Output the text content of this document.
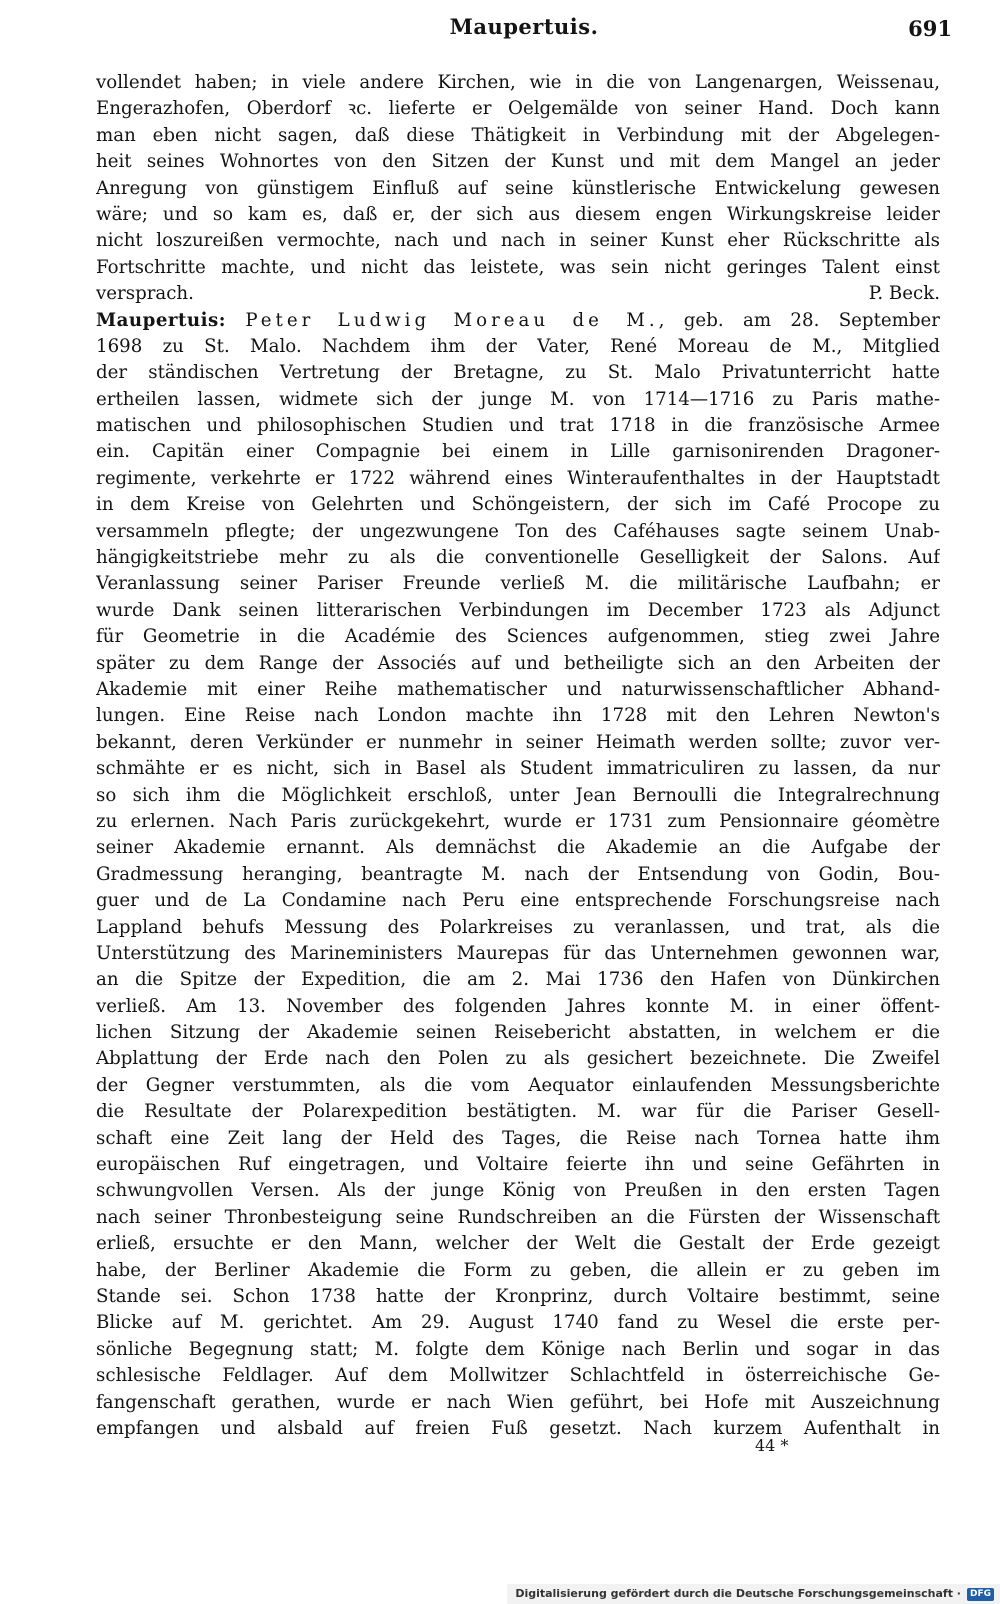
Maupertuis.	691
vollendet haben; in viele andere Kirchen, wie in die von Langenargen, Weissenau,
Engerazhofen, Oberdorf ꝛc. lieferte er Oelgemälde von seiner Hand. Doch kann
man eben nicht sagen, daß diese Thätigkeit in Verbindung mit der Abgelegen-
heit seines Wohnortes von den Sitzen der Kunst und mit dem Mangel an jeder
Anregung von günstigem Einfluß auf seine künstlerische Entwickelung gewesen
wäre; und so kam es, daß er, der sich aus diesem engen Wirkungskreise leider
nicht loszureißen vermochte, nach und nach in seiner Kunst eher Rückschritte als
Fortschritte machte, und nicht das leistete, was sein nicht geringes Talent einst
versprach.	P. Beck.
Maupertuis: Peter Ludwig Moreau de M., geb. am 28. September
1698 zu St. Malo. Nachdem ihm der Vater, René Moreau de M., Mitglied
der ständischen Vertretung der Bretagne, zu St. Malo Privatunterricht hatte
ertheilen lassen, widmete sich der junge M. von 1714—1716 zu Paris mathe-
matischen und philosophischen Studien und trat 1718 in die französische Armee
ein. Capitän einer Compagnie bei einem in Lille garnisonirenden Dragoner-
regimente, verkehrte er 1722 während eines Winteraufenthaltes in der Hauptstadt
in dem Kreise von Gelehrten und Schöngeistern, der sich im Café Procope zu
versammeln pflegte; der ungezwungene Ton des Caféhauses sagte seinem Unab-
hängigkeitstriebe mehr zu als die conventionelle Geselligkeit der Salons. Auf
Veranlassung seiner Pariser Freunde verließ M. die militärische Laufbahn; er
wurde Dank seinen litterarischen Verbindungen im December 1723 als Adjunct
für Geometrie in die Académie des Sciences aufgenommen, stieg zwei Jahre
später zu dem Range der Associés auf und betheiligte sich an den Arbeiten der
Akademie mit einer Reihe mathematischer und naturwissenschaftlicher Abhand-
lungen. Eine Reise nach London machte ihn 1728 mit den Lehren Newton's
bekannt, deren Verkünder er nunmehr in seiner Heimath werden sollte; zuvor ver-
schmähte er es nicht, sich in Basel als Student immatriculiren zu lassen, da nur
so sich ihm die Möglichkeit erschloß, unter Jean Bernoulli die Integralrechnung
zu erlernen. Nach Paris zurückgekehrt, wurde er 1731 zum Pensionnaire géomètre
seiner Akademie ernannt. Als demnächst die Akademie an die Aufgabe der
Gradmessung heranging, beantragte M. nach der Entsendung von Godin, Bou-
guer und de La Condamine nach Peru eine entsprechende Forschungsreise nach
Lappland behufs Messung des Polarkreises zu veranlassen, und trat, als die
Unterstützung des Marineministers Maurepas für das Unternehmen gewonnen war,
an die Spitze der Expedition, die am 2. Mai 1736 den Hafen von Dünkirchen
verließ. Am 13. November des folgenden Jahres konnte M. in einer öffent-
lichen Sitzung der Akademie seinen Reisebericht abstatten, in welchem er die
Abplattung der Erde nach den Polen zu als gesichert bezeichnete. Die Zweifel
der Gegner verstummten, als die vom Aequator einlaufenden Messungsberichte
die Resultate der Polarexpedition bestätigten. M. war für die Pariser Gesell-
schaft eine Zeit lang der Held des Tages, die Reise nach Tornea hatte ihm
europäischen Ruf eingetragen, und Voltaire feierte ihn und seine Gefährten in
schwungvollen Versen. Als der junge König von Preußen in den ersten Tagen
nach seiner Thronbesteigung seine Rundschreiben an die Fürsten der Wissenschaft
erließ, ersuchte er den Mann, welcher der Welt die Gestalt der Erde gezeigt
habe, der Berliner Akademie die Form zu geben, die allein er zu geben im
Stande sei. Schon 1738 hatte der Kronprinz, durch Voltaire bestimmt, seine
Blicke auf M. gerichtet. Am 29. August 1740 fand zu Wesel die erste per-
sönliche Begegnung statt; M. folgte dem Könige nach Berlin und sogar in das
schlesische Feldlager. Auf dem Mollwitzer Schlachtfeld in österreichische Ge-
fangenschaft gerathen, wurde er nach Wien geführt, bei Hofe mit Auszeichnung
empfangen und alsbald auf freien Fuß gesetzt. Nach kurzem Aufenthalt in
44 *
Digitalisierung gefördert durch die Deutsche Forschungsgemeinschaft ·	DFG
